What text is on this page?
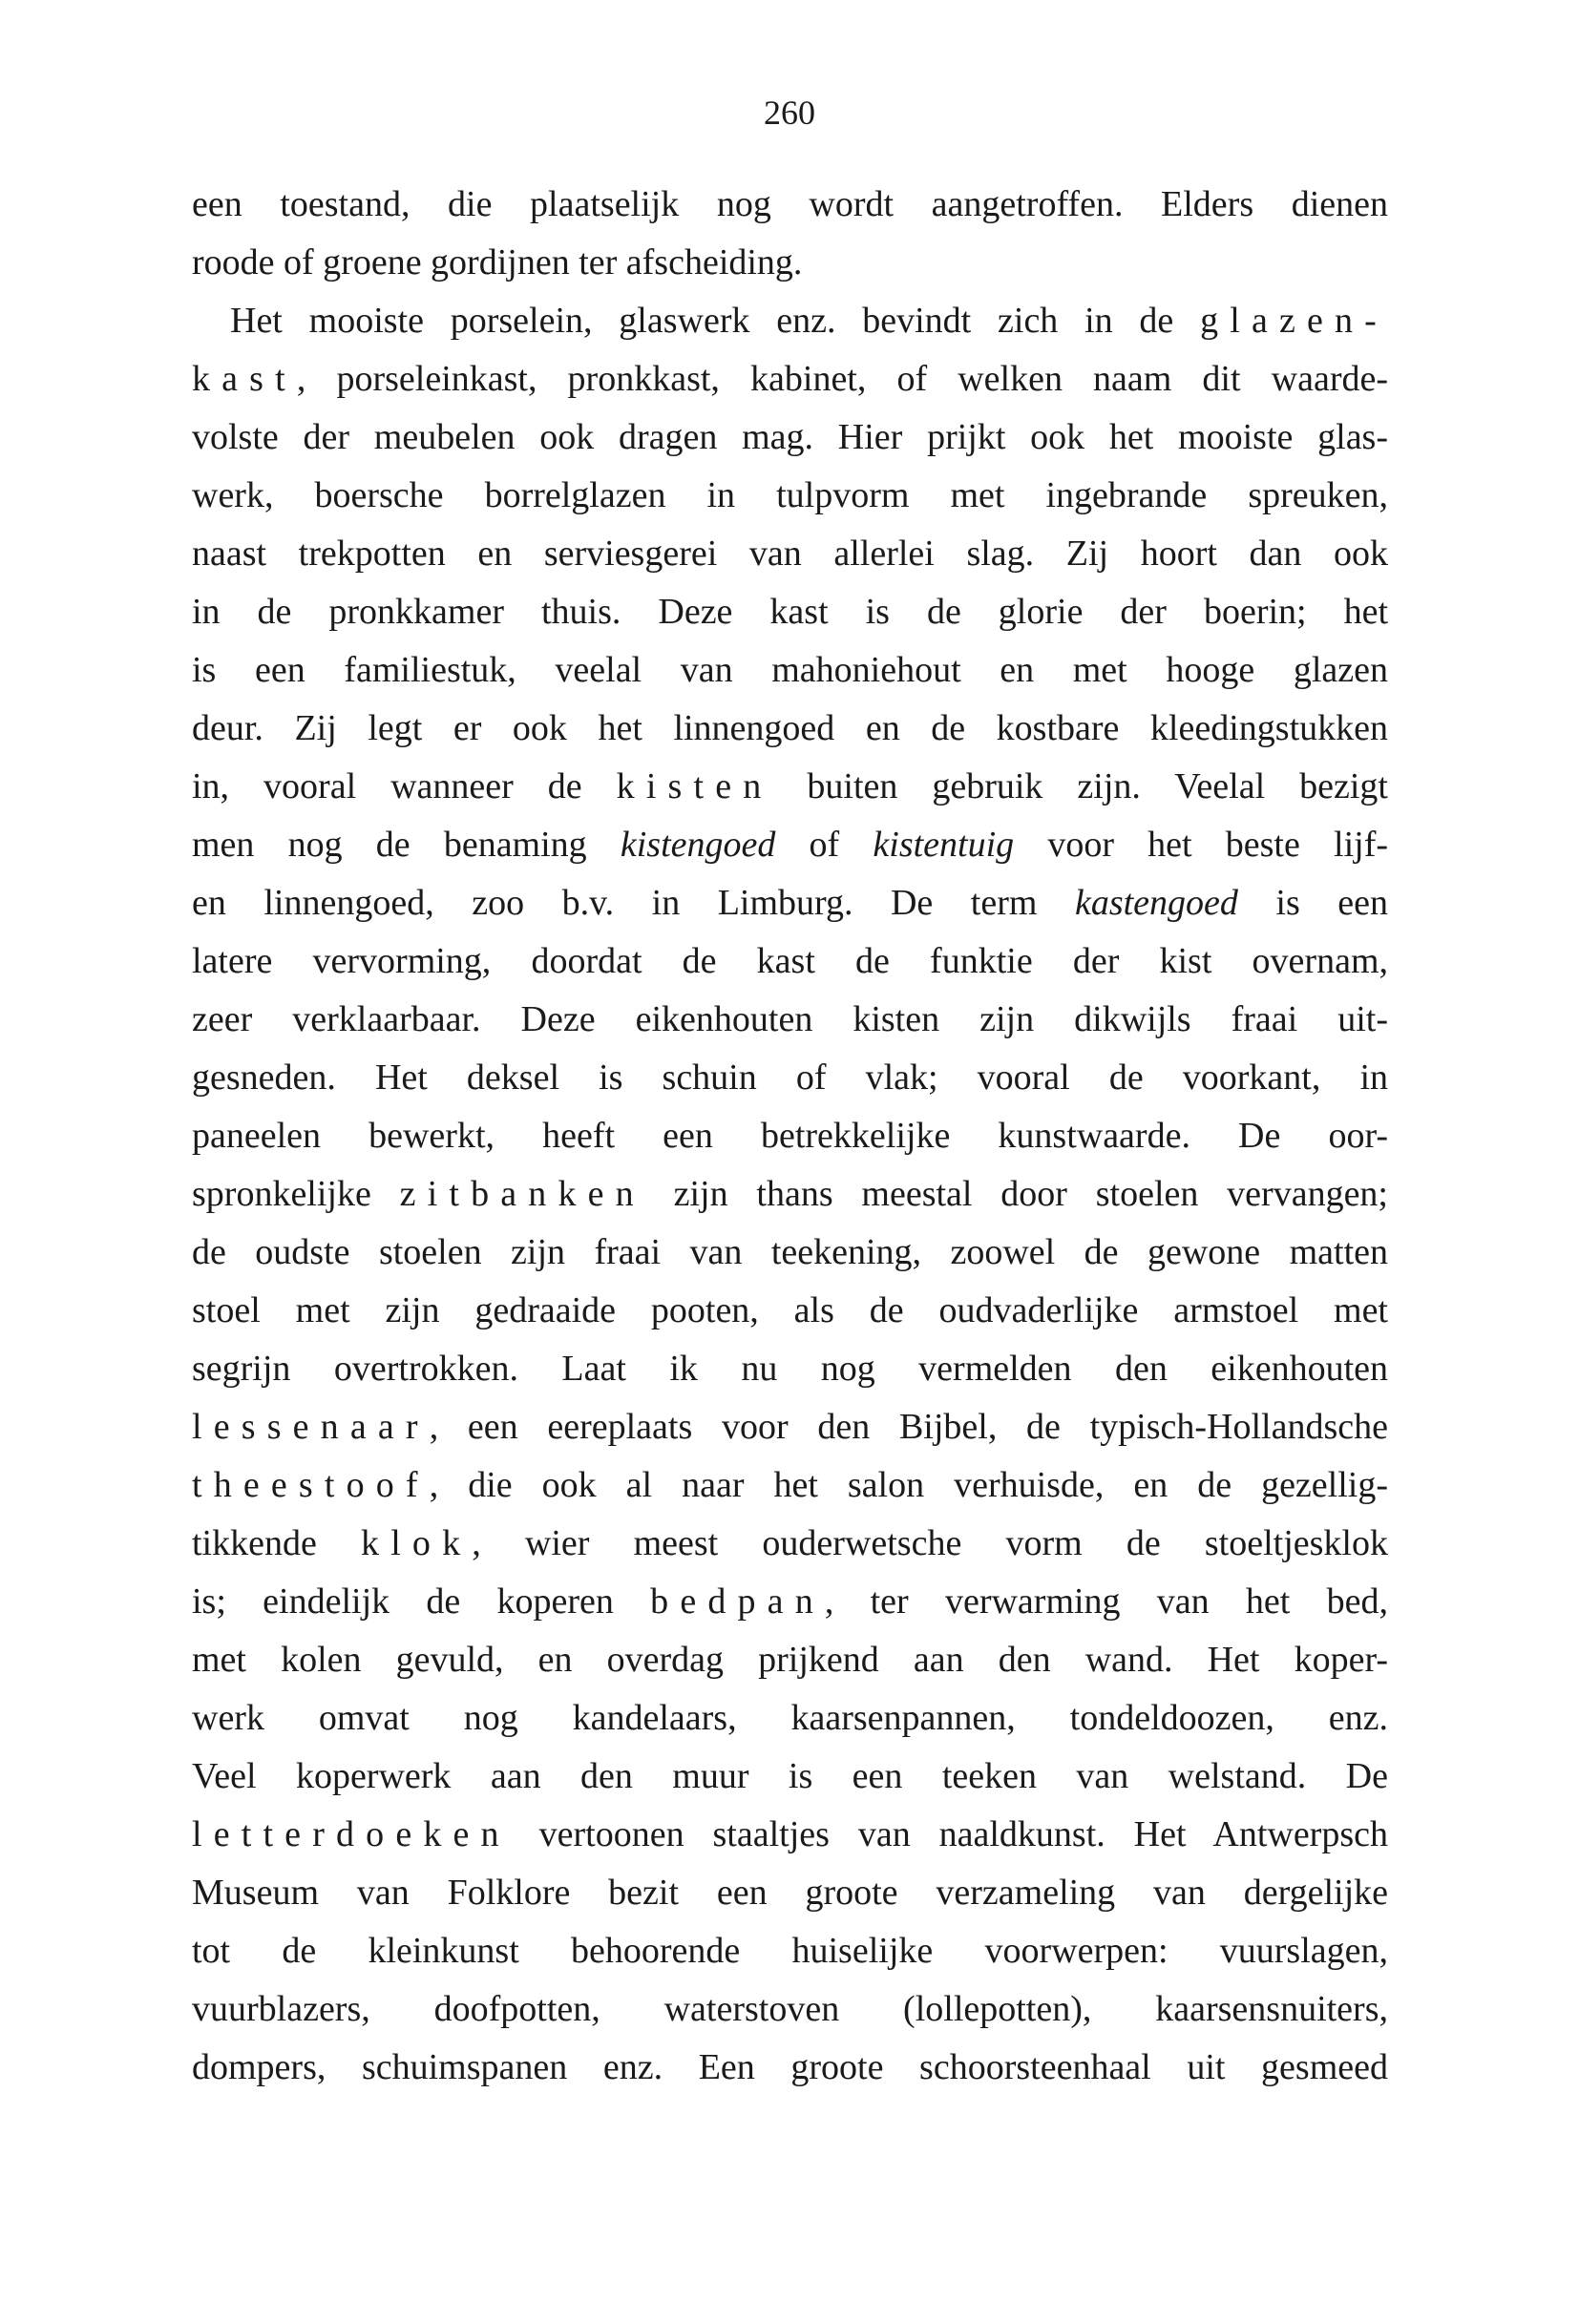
260
een toestand, die plaatselijk nog wordt aangetroffen. Elders dienen
roode of groene gordijnen ter afscheiding.
Het mooiste porselein, glaswerk enz. bevindt zich in de glazen-
kast, porseleinkast, pronkkast, kabinet, of welken naam dit waarde-
volste der meubelen ook dragen mag. Hier prijkt ook het mooiste glas-
werk, boersche borrelglazen in tulpvorm met ingebrande spreuken,
naast trekpotten en serviesgerei van allerlei slag. Zij hoort dan ook
in de pronkkamer thuis. Deze kast is de glorie der boerin; het
is een familiestuk, veelal van mahoniehout en met hooge glazen
deur. Zij legt er ook het linnengoed en de kostbare kleedingstukken
in, vooral wanneer de kisten buiten gebruik zijn. Veelal bezigt
men nog de benaming kistengoed of kistentuig voor het beste lijf-
en linnengoed, zoo b.v. in Limburg. De term kastengoed is een
latere vervorming, doordat de kast de funktie der kist overnam,
zeer verklaarbaar. Deze eikenhouten kisten zijn dikwijls fraai uit-
gesneden. Het deksel is schuin of vlak; vooral de voorkant, in
paneelen bewerkt, heeft een betrekkelijke kunstwaarde. De oor-
spronkelijke zitbanken zijn thans meestal door stoelen vervangen;
de oudste stoelen zijn fraai van teekening, zoowel de gewone matten
stoel met zijn gedraaide pooten, als de oudvaderlijke armstoel met
segrijn overtrokken. Laat ik nu nog vermelden den eikenhouten
lessenaar, een eereplaats voor den Bijbel, de typisch-Hollandsche
theestoof, die ook al naar het salon verhuisde, en de gezellig-
tikkende klok, wier meest ouderwetsche vorm de stoeltjesklok
is; eindelijk de koperen bedpan, ter verwarming van het bed,
met kolen gevuld, en overdag prijkend aan den wand. Het koper-
werk omvat nog kandelaars, kaarsenpannen, tondeldoozen, enz.
Veel koperwerk aan den muur is een teeken van welstand. De
letterdoeken vertoonen staaltjes van naaldkunst. Het Antwerpsch
Museum van Folklore bezit een groote verzameling van dergelijke
tot de kleinkunst behoorende huiselijke voorwerpen: vuurslagen,
vuurblazers, doofpotten, waterstoven (lollepotten), kaarsensnuiters,
dompers, schuimspanen enz. Een groote schoorsteenhaal uit gesmeed
